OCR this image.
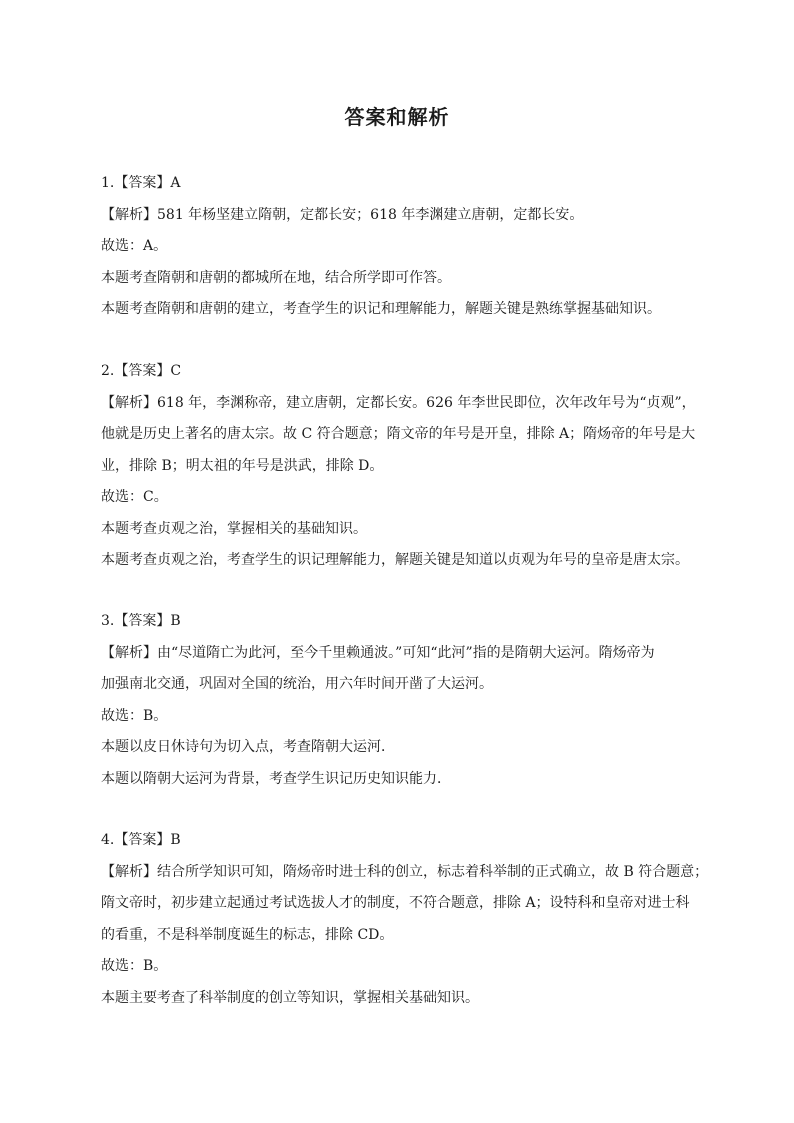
答案和解析
1.【答案】A
【解析】581 年杨坚建立隋朝，定都长安；618 年李渊建立唐朝，定都长安。
故选：A。
本题考查隋朝和唐朝的都城所在地，结合所学即可作答。
本题考查隋朝和唐朝的建立，考查学生的识记和理解能力，解题关键是熟练掌握基础知识。
2.【答案】C
【解析】618 年，李渊称帝，建立唐朝，定都长安。626 年李世民即位，次年改年号为“贞观”，
他就是历史上著名的唐太宗。故 C 符合题意；隋文帝的年号是开皇，排除 A；隋炀帝的年号是大
业，排除 B；明太祖的年号是洪武，排除 D。
故选：C。
本题考查贞观之治，掌握相关的基础知识。
本题考查贞观之治，考查学生的识记理解能力，解题关键是知道以贞观为年号的皇帝是唐太宗。
3.【答案】B
【解析】由“尽道隋亡为此河，至今千里赖通波。”可知“此河”指的是隋朝大运河。隋炀帝为
加强南北交通，巩固对全国的统治，用六年时间开凿了大运河。
故选：B。
本题以皮日休诗句为切入点，考查隋朝大运河．
本题以隋朝大运河为背景，考查学生识记历史知识能力．
4.【答案】B
【解析】结合所学知识可知，隋炀帝时进士科的创立，标志着科举制的正式确立，故 B 符合题意；
隋文帝时，初步建立起通过考试选拔人才的制度，不符合题意，排除 A；设特科和皇帝对进士科
的看重，不是科举制度诞生的标志，排除 CD。
故选：B。
本题主要考查了科举制度的创立等知识，掌握相关基础知识。
